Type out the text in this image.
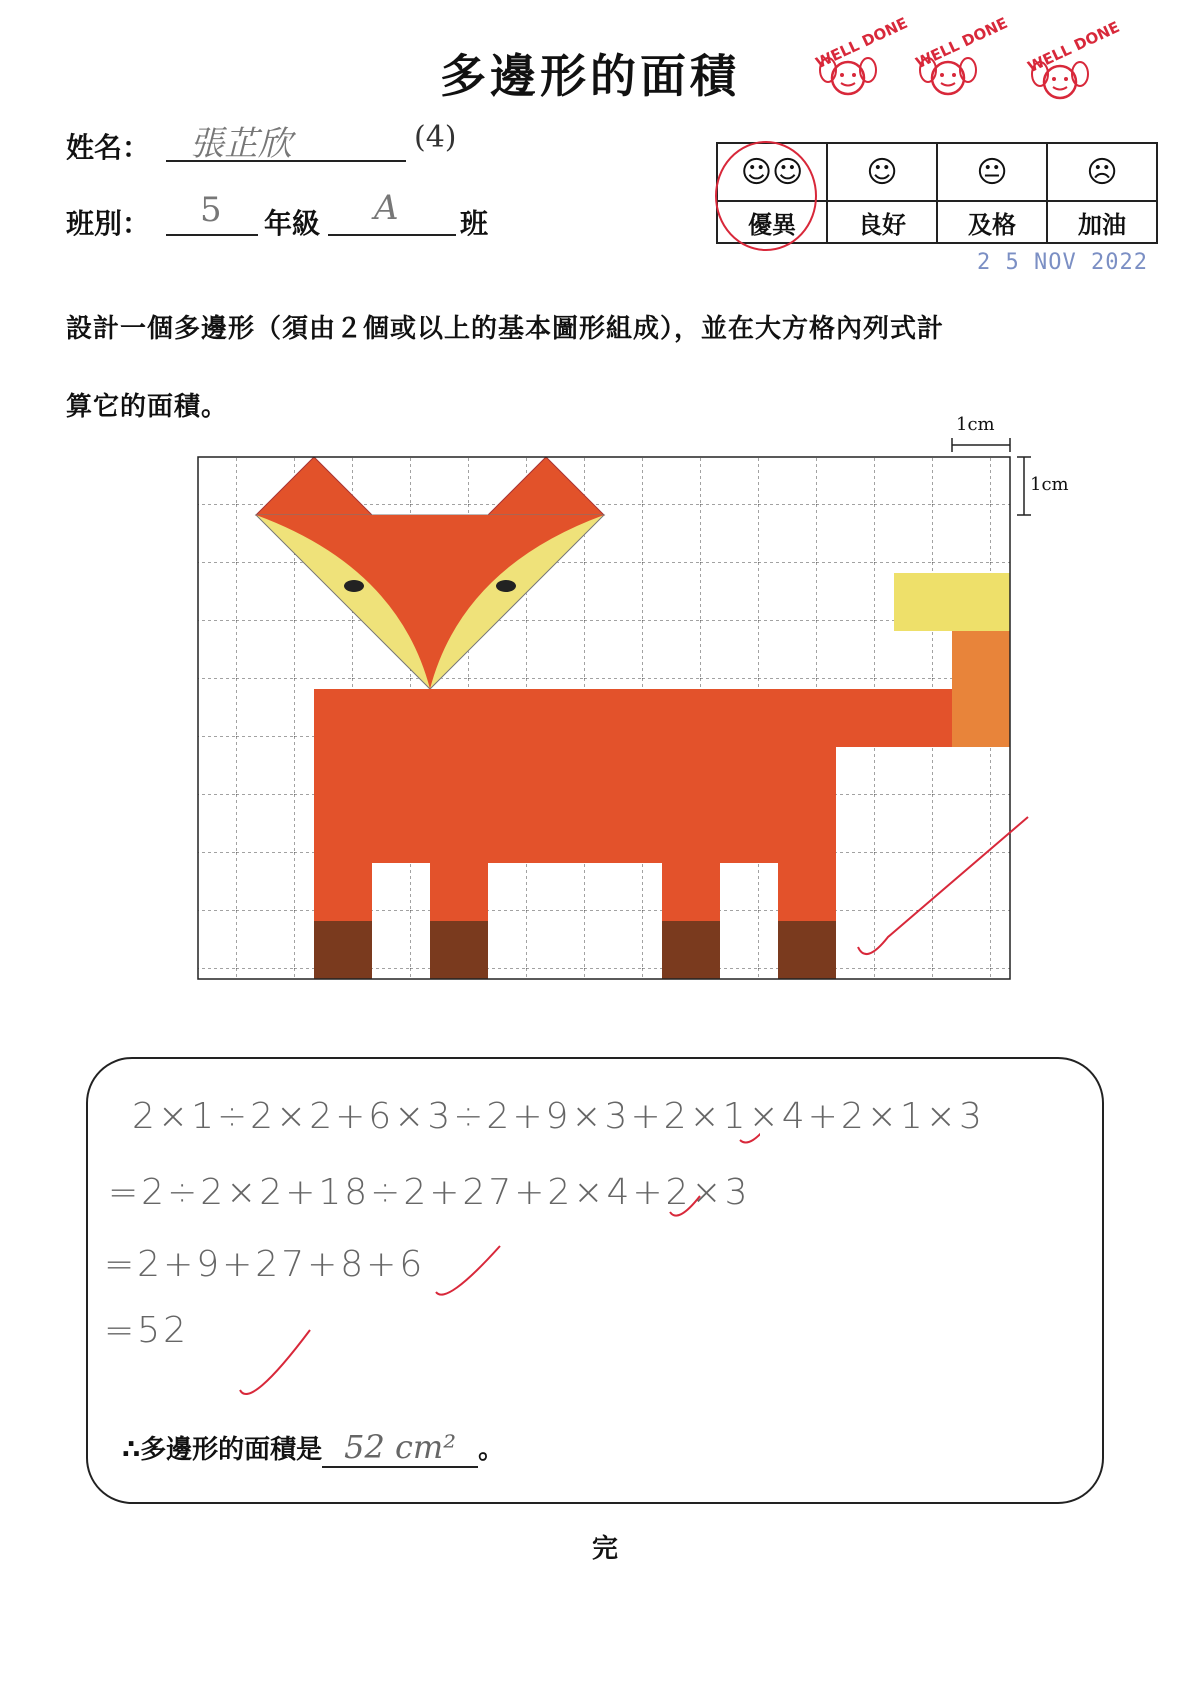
多邊形的面積
WELL DONE WELL DONE WELL DONE
姓名： 張芷欣	(4)
班別： 5 年級 A 班
☺☺	☺	😐	☹
優異	良好	及格	加油
2 5 NOV 2022
設計一個多邊形（須由２個或以上的基本圖形組成），並在大方格內列式計
算它的面積。
1cm
1cm
2×1÷2×2+6×3÷2+9×3+2×1×4+2×1×3
=2÷2×2+18÷2+27+2×4+2×3
=2+9+27+8+6
=52
∴多邊形的面積是 52 cm² 。
完
